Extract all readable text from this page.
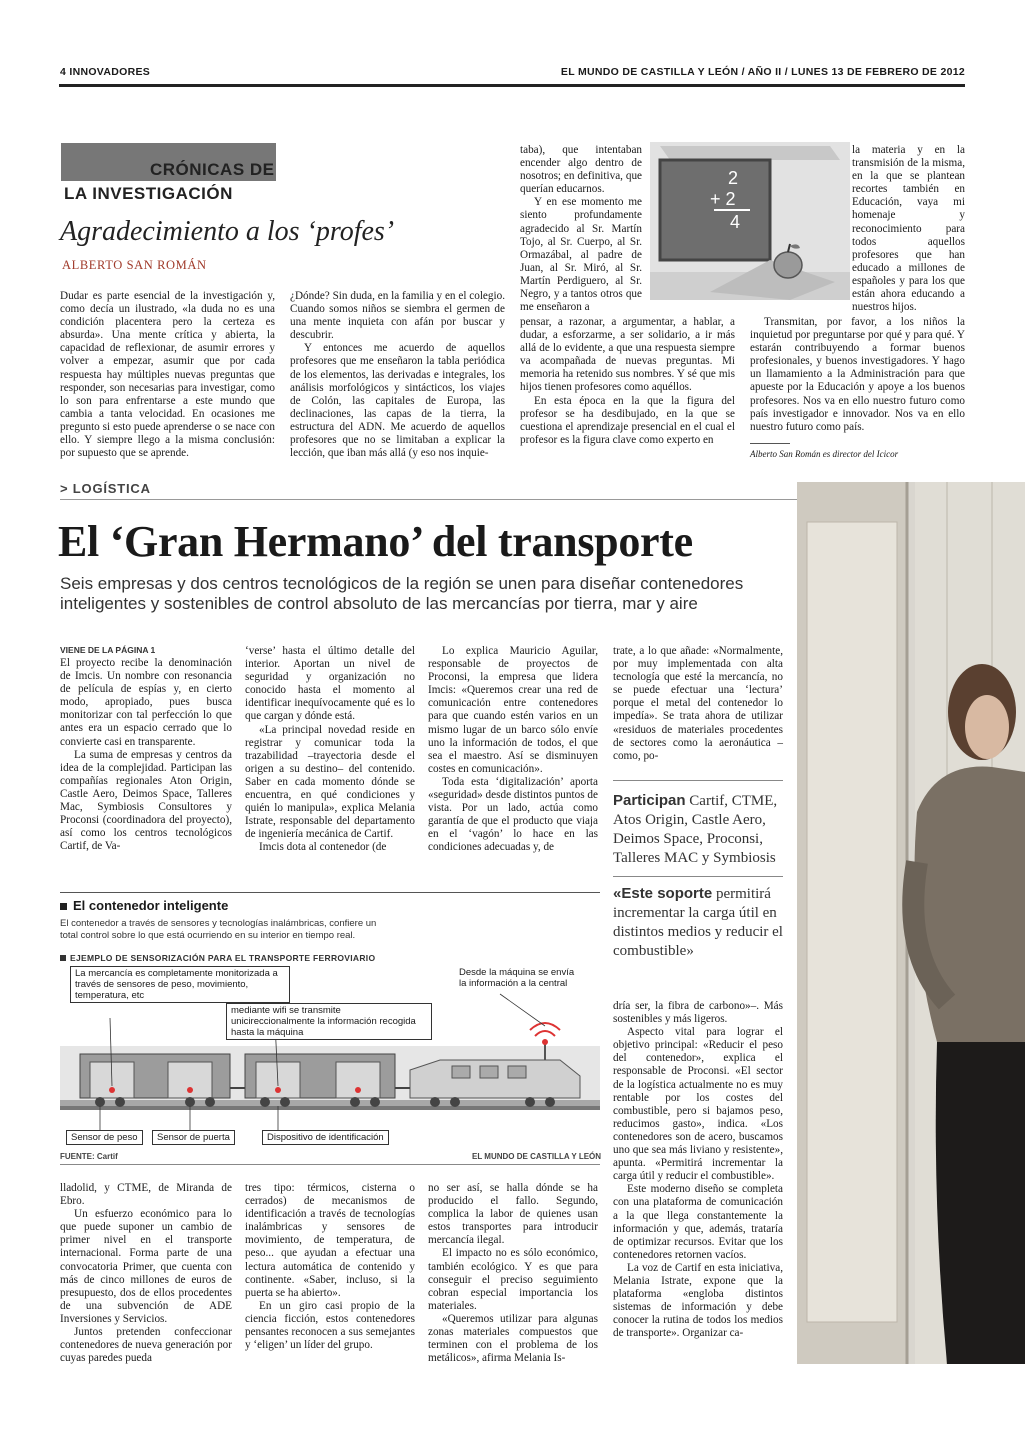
4 INNOVADORES	EL MUNDO DE CASTILLA Y LEÓN / AÑO II / LUNES 13 DE FEBRERO DE 2012
CRÓNICAS DE
LA INVESTIGACIÓN
Agradecimiento a los ‘profes’
ALBERTO SAN ROMÁN

Dudar es parte esencial de la investigación y, como decía un ilustrado, «la duda no es una condición placentera pero la certeza es absurda». Una mente crítica y abierta, la capacidad de reflexionar, de asumir errores y volver a empezar, asumir que por cada respuesta hay múltiples nuevas preguntas que responder, son necesarias para investigar, como lo son para enfrentarse a este mundo que cambia a tanta velocidad. En ocasiones me pregunto si esto puede aprenderse o se nace con ello. Y siempre llego a la misma conclusión: por supuesto que se aprende.

¿Dónde? Sin duda, en la familia y en el colegio. Cuando somos niños se siembra el germen de una mente inquieta con afán por buscar y descubrir.

Y entonces me acuerdo de aquellos profesores que me enseñaron la tabla periódica de los elementos, las derivadas e integrales, los análisis morfológicos y sintácticos, los viajes de Colón, las capitales de Europa, las declinaciones, las capas de la tierra, la estructura del ADN. Me acuerdo de aquellos profesores que no se limitaban a explicar la lección, que iban más allá (y eso nos inquie-

taba), que intentaban encender algo dentro de nosotros; en definitiva, que querían educarnos.

Y en ese momento me siento profundamente agradecido al Sr. Martín Tojo, al Sr. Cuerpo, al Sr. Ormazábal, al padre de Juan, al Sr. Miró, al Sr. Martín Perdiguero, al Sr. Negro, y a tantos otros que me enseñaron a

pensar, a razonar, a argumentar, a hablar, a dudar, a esforzarme, a ser solidario, a ir más allá de lo evidente, a que una respuesta siempre va acompañada de nuevas preguntas. Mi memoria ha retenido sus nombres. Y sé que mis hijos tienen profesores como aquéllos.

En esta época en la que la figura del profesor se ha desdibujado, en la que se cuestiona el aprendizaje presencial en el cual el profesor es la figura clave como experto en

la materia y en la transmisión de la misma, en la que se plantean recortes también en Educación, vaya mi homenaje y reconocimiento para todos aquellos profesores que han educado a millones de españoles y para los que están ahora educando a nuestros hijos.

Transmitan, por favor, a los niños la inquietud por preguntarse por qué y para qué. Y estarán contribuyendo a formar buenos profesionales, y buenos investigadores. Y hago un llamamiento a la Administración para que apueste por la Educación y apoye a los buenos profesores. Nos va en ello nuestro futuro como país investigador e innovador. Nos va en ello nuestro futuro como país.

Alberto San Román es director del Icicor
2
+ 2
4
> LOGÍSTICA
El ‘Gran Hermano’ del transporte
Seis empresas y dos centros tecnológicos de la región se unen para diseñar contenedores inteligentes y sostenibles de control absoluto de las mercancías por tierra, mar y aire
VIENE DE LA PÁGINA 1

El proyecto recibe la denominación de Imcis. Un nombre con resonancia de película de espías y, en cierto modo, apropiado, pues busca monitorizar con tal perfección lo que antes era un espacio cerrado que lo convierte casi en transparente.

La suma de empresas y centros da idea de la complejidad. Participan las compañías regionales Aton Origin, Castle Aero, Deimos Space, Talleres Mac, Symbiosis Consultores y Proconsi (coordinadora del proyecto), así como los centros tecnológicos Cartif, de Va-

‘verse’ hasta el último detalle del interior. Aportan un nivel de seguridad y organización no conocido hasta el momento al identificar inequívocamente qué es lo que cargan y dónde está.

«La principal novedad reside en registrar y comunicar toda la trazabilidad –trayectoria desde el origen a su destino– del contenido. Saber en cada momento dónde se encuentra, en qué condiciones y quién lo manipula», explica Melania Istrate, responsable del departamento de ingeniería mecánica de Cartif.

Imcis dota al contenedor (de

Lo explica Mauricio Aguilar, responsable de proyectos de Proconsi, la empresa que lidera Imcis: «Queremos crear una red de comunicación entre contenedores para que cuando estén varios en un mismo lugar de un barco sólo envíe uno la información de todos, el que sea el maestro. Así se disminuyen costes en comunicación».

Toda esta ‘digitalización’ aporta «seguridad» desde distintos puntos de vista. Por un lado, actúa como garantía de que el producto que viaja en el ‘vagón’ lo hace en las condiciones adecuadas y, de

trate, a lo que añade: «Normalmente, por muy implementada con alta tecnología que esté la mercancía, no se puede efectuar una ‘lectura’ porque el metal del contenedor lo impedía». Se trata ahora de utilizar «residuos de materiales procedentes de sectores como la aeronáutica –como, po-

Participan Cartif, CTME, Atos Origin, Castle Aero, Deimos Space, Proconsi, Talleres MAC y Symbiosis
«Este soporte permitirá incrementar la carga útil en distintos medios y reducir el combustible»

dría ser, la fibra de carbono»–. Más sostenibles y más ligeros.

Aspecto vital para lograr el objetivo principal: «Reducir el peso del contenedor», explica el responsable de Proconsi. «El sector de la logística actualmente no es muy rentable por los costes del combustible, pero si bajamos peso, reducimos gasto», indica. «Los contenedores son de acero, buscamos uno que sea más liviano y resistente», apunta. «Permitirá incrementar la carga útil y reducir el combustible».

Este moderno diseño se completa con una plataforma de comunicación a la que llega constantemente la información y que, además, trataría de optimizar recursos. Evitar que los contenedores retornen vacíos.

La voz de Cartif en esta iniciativa, Melania Istrate, expone que la plataforma «engloba distintos sistemas de información y debe conocer la rutina de todos los medios de transporte». Organizar ca-

El contenedor inteligente
El contenedor a través de sensores y tecnologías inalámbricas, confiere un total control sobre lo que está ocurriendo en su interior en tiempo real.
EJEMPLO DE SENSORIZACIÓN PARA EL TRANSPORTE FERROVIARIO
La mercancía es completamente monitorizada a través de sensores de peso, movimiento, temperatura, etc
mediante wifi se transmite unicireccionalmente la información recogida hasta la máquina
Desde la máquina se envía la información a la central
Sensor de peso	Sensor de puerta	Dispositivo de identificación
FUENTE: Cartif	EL MUNDO DE CASTILLA Y LEÓN

lladolid, y CTME, de Miranda de Ebro.

Un esfuerzo económico para lo que puede suponer un cambio de primer nivel en el transporte internacional. Forma parte de una convocatoria Primer, que cuenta con más de cinco millones de euros de presupuesto, dos de ellos procedentes de una subvención de ADE Inversiones y Servicios.

Juntos pretenden confeccionar contenedores de nueva generación por cuyas paredes pueda

tres tipo: térmicos, cisterna o cerrados) de mecanismos de identificación a través de tecnologías inalámbricas y sensores de movimiento, de temperatura, de peso... que ayudan a efectuar una lectura automática de contenido y continente. «Saber, incluso, si la puerta se ha abierto».

En un giro casi propio de la ciencia ficción, estos contenedores pensantes reconocen a sus semejantes y ‘eligen’ un líder del grupo.

no ser así, se halla dónde se ha producido el fallo. Segundo, complica la labor de quienes usan estos transportes para introducir mercancía ilegal.

El impacto no es sólo económico, también ecológico. Y es que para conseguir el preciso seguimiento cobran especial importancia los materiales.

«Queremos utilizar para algunas zonas materiales compuestos que terminen con el problema de los metálicos», afirma Melania Is-
